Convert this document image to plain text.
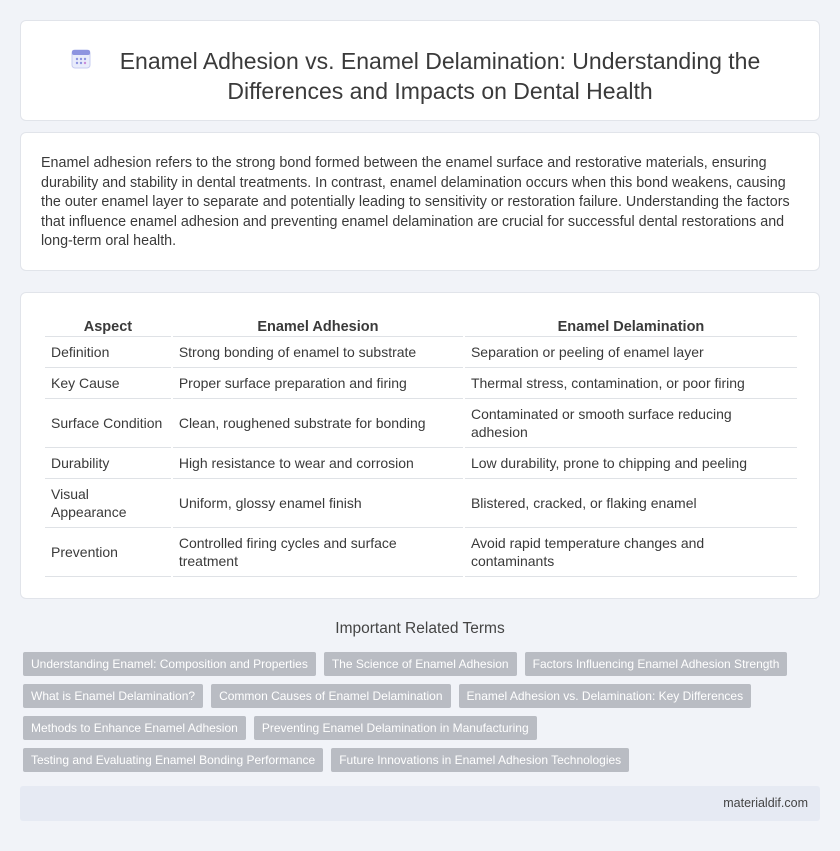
Enamel Adhesion vs. Enamel Delamination: Understanding the Differences and Impacts on Dental Health

Enamel adhesion refers to the strong bond formed between the enamel surface and restorative materials, ensuring durability and stability in dental treatments. In contrast, enamel delamination occurs when this bond weakens, causing the outer enamel layer to separate and potentially leading to sensitivity or restoration failure. Understanding the factors that influence enamel adhesion and preventing enamel delamination are crucial for successful dental restorations and long-term oral health.

Aspect	Enamel Adhesion	Enamel Delamination
Definition	Strong bonding of enamel to substrate	Separation or peeling of enamel layer
Key Cause	Proper surface preparation and firing	Thermal stress, contamination, or poor firing
Surface Condition	Clean, roughened substrate for bonding	Contaminated or smooth surface reducing adhesion
Durability	High resistance to wear and corrosion	Low durability, prone to chipping and peeling
Visual Appearance	Uniform, glossy enamel finish	Blistered, cracked, or flaking enamel
Prevention	Controlled firing cycles and surface treatment	Avoid rapid temperature changes and contaminants
Important Related Terms
Understanding Enamel: Composition and Properties	The Science of Enamel Adhesion	Factors Influencing Enamel Adhesion Strength
What is Enamel Delamination?	Common Causes of Enamel Delamination	Enamel Adhesion vs. Delamination: Key Differences
Methods to Enhance Enamel Adhesion	Preventing Enamel Delamination in Manufacturing
Testing and Evaluating Enamel Bonding Performance	Future Innovations in Enamel Adhesion Technologies
materialdif.com
